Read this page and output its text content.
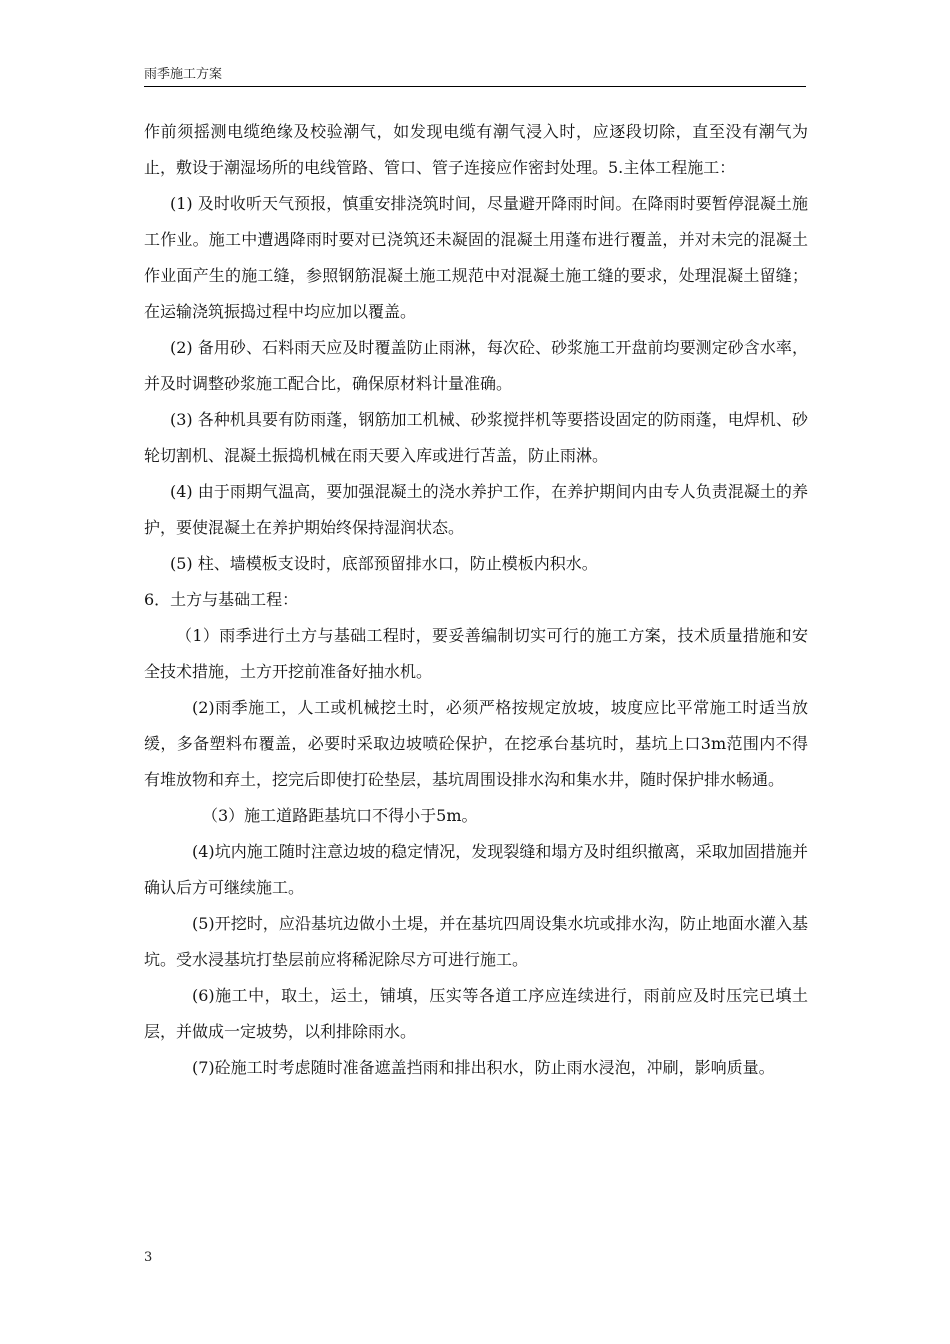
雨季施工方案

作前须摇测电缆绝缘及校验潮气，如发现电缆有潮气浸入时，应逐段切除，直至没有潮气为止，敷设于潮湿场所的电线管路、管口、管子连接应作密封处理。5.主体工程施工：

(1) 及时收听天气预报，慎重安排浇筑时间，尽量避开降雨时间。在降雨时要暂停混凝土施工作业。施工中遭遇降雨时要对已浇筑还未凝固的混凝土用蓬布进行覆盖，并对未完的混凝土作业面产生的施工缝，参照钢筋混凝土施工规范中对混凝土施工缝的要求，处理混凝土留缝；在运输浇筑振捣过程中均应加以覆盖。

(2) 备用砂、石料雨天应及时覆盖防止雨淋，每次砼、砂浆施工开盘前均要测定砂含水率，并及时调整砂浆施工配合比，确保原材料计量准确。

(3) 各种机具要有防雨蓬，钢筋加工机械、砂浆搅拌机等要搭设固定的防雨蓬，电焊机、砂轮切割机、混凝土振捣机械在雨天要入库或进行苫盖，防止雨淋。

(4) 由于雨期气温高，要加强混凝土的浇水养护工作，在养护期间内由专人负责混凝土的养护，要使混凝土在养护期始终保持湿润状态。

(5) 柱、墙模板支设时，底部预留排水口，防止模板内积水。

6．土方与基础工程：

（1）雨季进行土方与基础工程时，要妥善编制切实可行的施工方案，技术质量措施和安全技术措施，土方开挖前准备好抽水机。

(2)雨季施工，人工或机械挖土时，必须严格按规定放坡，坡度应比平常施工时适当放缓，多备塑料布覆盖，必要时采取边坡喷砼保护，在挖承台基坑时，基坑上口3m范围内不得有堆放物和弃土，挖完后即使打砼垫层，基坑周围设排水沟和集水井，随时保护排水畅通。

（3）施工道路距基坑口不得小于5m。

(4)坑内施工随时注意边坡的稳定情况，发现裂缝和塌方及时组织撤离，采取加固措施并确认后方可继续施工。

(5)开挖时，应沿基坑边做小土堤，并在基坑四周设集水坑或排水沟，防止地面水灌入基坑。受水浸基坑打垫层前应将稀泥除尽方可进行施工。

(6)施工中，取土，运土，铺填，压实等各道工序应连续进行，雨前应及时压完已填土层，并做成一定坡势，以利排除雨水。

(7)砼施工时考虑随时准备遮盖挡雨和排出积水，防止雨水浸泡，冲刷，影响质量。

3
